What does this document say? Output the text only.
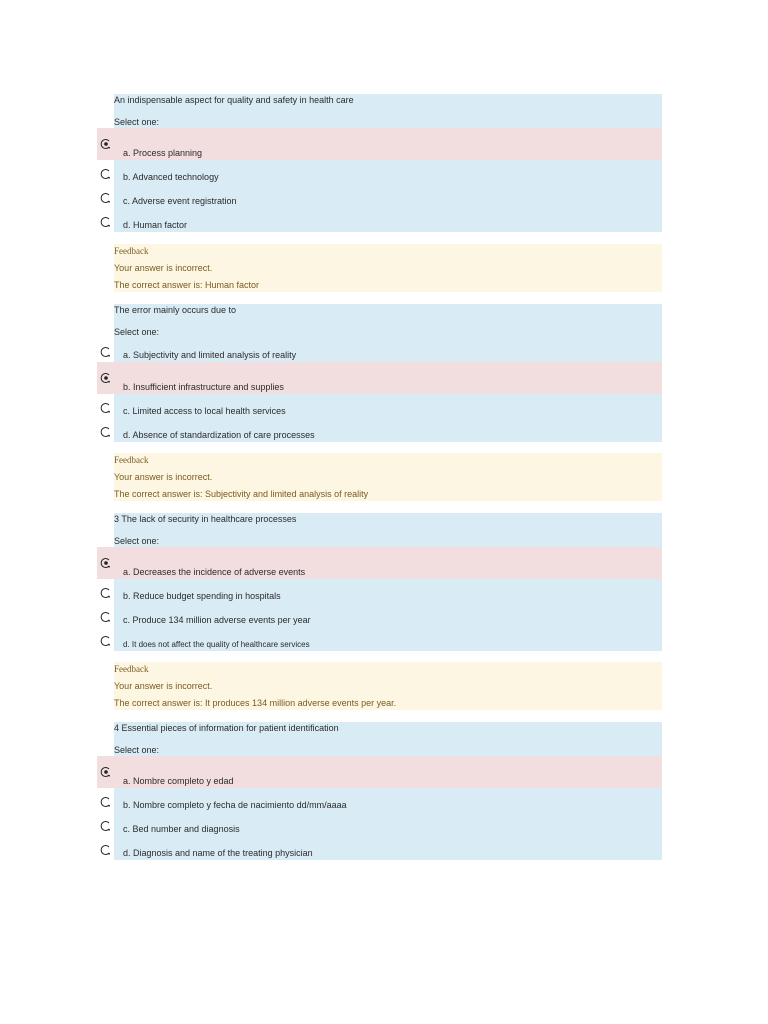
An indispensable aspect for quality and safety in health care
Select one:
a. Process planning
b. Advanced technology
c. Adverse event registration
d. Human factor
Feedback
Your answer is incorrect.
The correct answer is: Human factor
The error mainly occurs due to
Select one:
a. Subjectivity and limited analysis of reality
b. Insufficient infrastructure and supplies
c. Limited access to local health services
d. Absence of standardization of care processes
Feedback
Your answer is incorrect.
The correct answer is: Subjectivity and limited analysis of reality
3 The lack of security in healthcare processes
Select one:
a. Decreases the incidence of adverse events
b. Reduce budget spending in hospitals
c. Produce 134 million adverse events per year
d. It does not affect the quality of healthcare services
Feedback
Your answer is incorrect.
The correct answer is: It produces 134 million adverse events per year.
4 Essential pieces of information for patient identification
Select one:
a. Nombre completo y edad
b. Nombre completo y fecha de nacimiento dd/mm/aaaa
c. Bed number and diagnosis
d. Diagnosis and name of the treating physician
